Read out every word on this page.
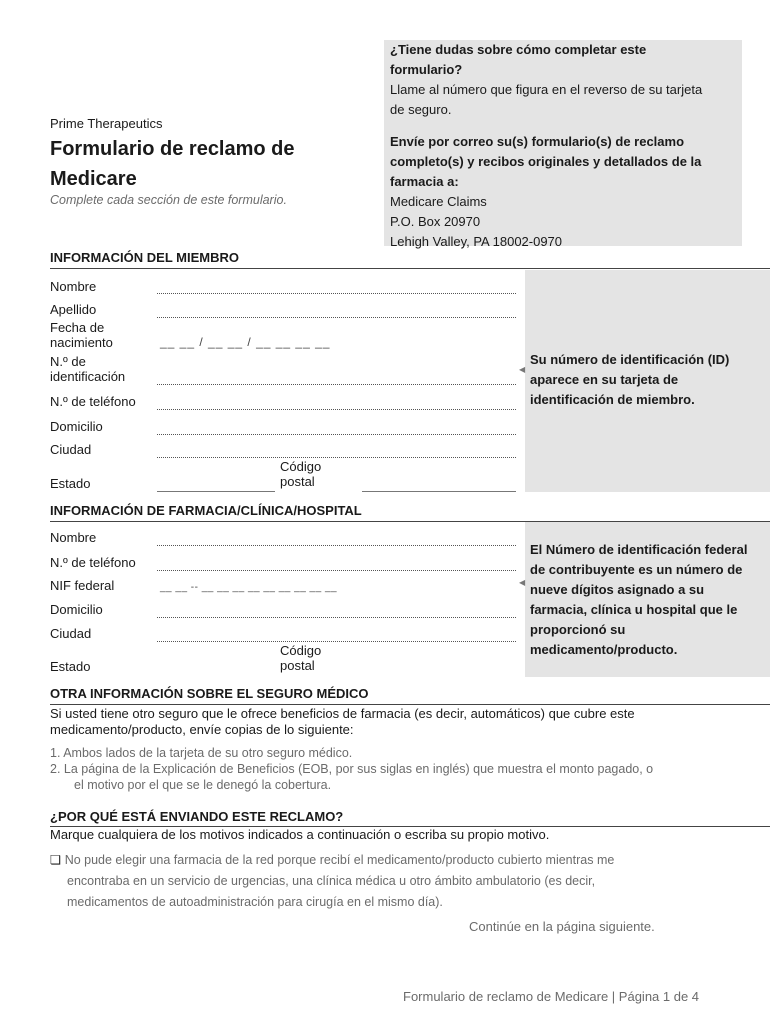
Prime Therapeutics
Formulario de reclamo de
Medicare
Complete cada sección de este formulario.
¿Tiene dudas sobre cómo completar este
formulario?
Llame al número que figura en el reverso de su tarjeta
de seguro.
Envíe por correo su(s) formulario(s) de reclamo
completo(s) y recibos originales y detallados de la
farmacia a:
Medicare Claims
P.O. Box 20970
Lehigh Valley, PA 18002-0970
INFORMACIÓN DEL MIEMBRO
Su número de identificación (ID)
aparece en su tarjeta de
identificación de miembro.
◀
Nombre
Apellido
Fecha de
nacimiento	__ __ / __ __ / __ __ __ __
N.º de
identificación
N.º de teléfono
Domicilio
Ciudad
Estado
Código
postal
INFORMACIÓN DE FARMACIA/CLÍNICA/HOSPITAL
El Número de identificación federal
de contribuyente es un número de
nueve dígitos asignado a su
farmacia, clínica u hospital que le
proporcionó su
medicamento/producto.
◀
Nombre
N.º de teléfono
NIF federal	__ __ -- __ __ __ __ __ __ __ __ __
Domicilio
Ciudad
Estado
Código
postal
OTRA INFORMACIÓN SOBRE EL SEGURO MÉDICO
Si usted tiene otro seguro que le ofrece beneficios de farmacia (es decir, automáticos) que cubre este
medicamento/producto, envíe copias de lo siguiente:
1. Ambos lados de la tarjeta de su otro seguro médico.
2. La página de la Explicación de Beneficios (EOB, por sus siglas en inglés) que muestra el monto pagado, o
el motivo por el que se le denegó la cobertura.
¿POR QUÉ ESTÁ ENVIANDO ESTE RECLAMO?
Marque cualquiera de los motivos indicados a continuación o escriba su propio motivo.
❏ No pude elegir una farmacia de la red porque recibí el medicamento/producto cubierto mientras me
encontraba en un servicio de urgencias, una clínica médica u otro ámbito ambulatorio (es decir,
medicamentos de autoadministración para cirugía en el mismo día).
Continúe en la página siguiente.
Formulario de reclamo de Medicare | Página 1 de 4
